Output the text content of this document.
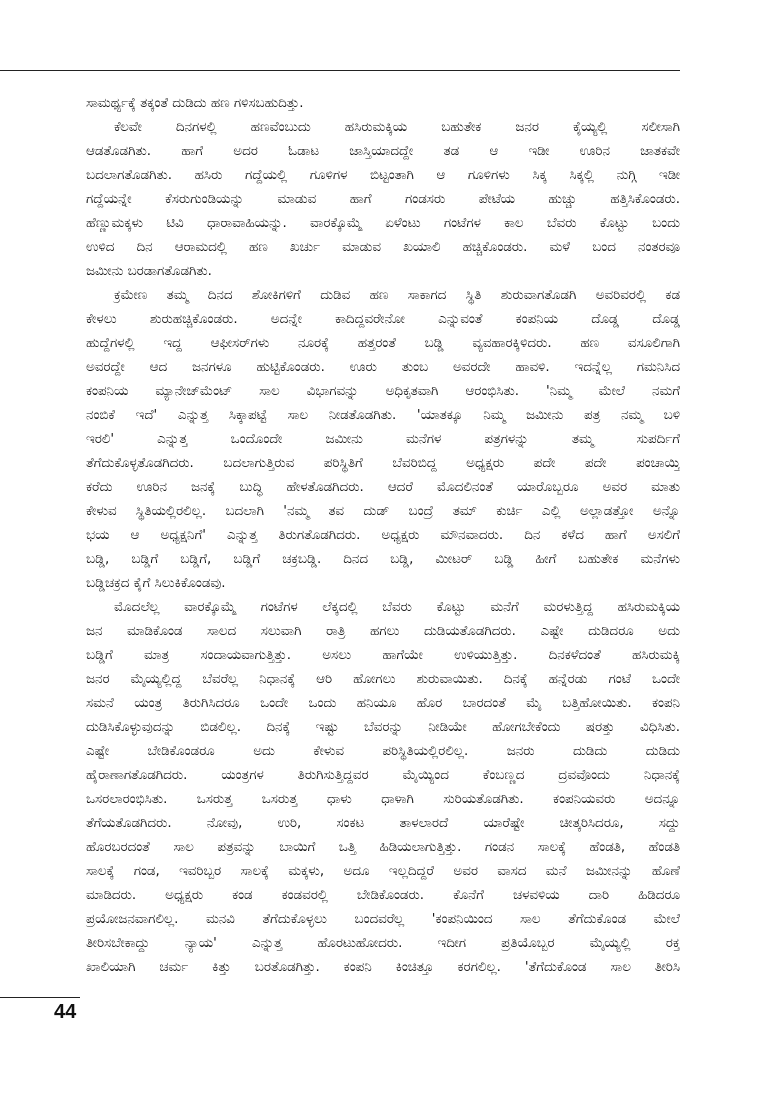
ಸಾಮರ್ಥ್ಯಕ್ಕೆ ತಕ್ಕಂತೆ ದುಡಿದು ಹಣ ಗಳಿಸಬಹುದಿತ್ತು.
ಕೆಲವೇ ದಿನಗಳಲ್ಲಿ ಹಣವೆಂಬುದು ಹಸಿರುಮಕ್ಕಿಯ ಬಹುತೇಕ ಜನರ ಕೈಯ್ಯಲ್ಲಿ ಸಲೀಸಾಗಿ
ಆಡತೊಡಗಿತು. ಹಾಗೆ ಅದರ ಓಡಾಟ ಜಾಸ್ತಿಯಾದದ್ದೇ ತಡ ಆ ಇಡೀ ಊರಿನ ಜಾತಕವೇ
ಬದಲಾಗತೊಡಗಿತು. ಹಸಿರು ಗದ್ದೆಯಲ್ಲಿ ಗೂಳಿಗಳ ಬಿಟ್ಟಂತಾಗಿ ಆ ಗೂಳಿಗಳು ಸಿಕ್ಕ ಸಿಕ್ಕಲ್ಲಿ ನುಗ್ಗಿ ಇಡೀ
ಗದ್ದೆಯನ್ನೇ ಕೆಸರುಗುಂಡಿಯನ್ನು ಮಾಡುವ ಹಾಗೆ ಗಂಡಸರು ಪೇಟೆಯ ಹುಚ್ಚು ಹತ್ತಿಸಿಕೊಂಡರು.
ಹೆಣ್ಣುಮಕ್ಕಳು ಟಿವಿ ಧಾರಾವಾಹಿಯನ್ನು. ವಾರಕ್ಕೊಮ್ಮೆ ಏಳೆಂಟು ಗಂಟೆಗಳ ಕಾಲ ಬೆವರು ಕೊಟ್ಟು ಬಂದು
ಉಳಿದ ದಿನ ಆರಾಮದಲ್ಲಿ ಹಣ ಖರ್ಚು ಮಾಡುವ ಖಯಾಲಿ ಹಚ್ಚಿಕೊಂಡರು. ಮಳೆ ಬಂದ ನಂತರವೂ
ಜಮೀನು ಬರಡಾಗತೊಡಗಿತು.
ಕ್ರಮೇಣ ತಮ್ಮ ದಿನದ ಶೋಕಿಗಳಿಗೆ ದುಡಿವ ಹಣ ಸಾಕಾಗದ ಸ್ಥಿತಿ ಶುರುವಾಗತೊಡಗಿ ಅವರಿವರಲ್ಲಿ ಕಡ
ಕೇಳಲು ಶುರುಹಚ್ಚಿಕೊಂಡರು. ಅದನ್ನೇ ಕಾದಿದ್ದವರೇನೋ ಎನ್ನುವಂತೆ ಕಂಪನಿಯ ದೊಡ್ಡ ದೊಡ್ಡ
ಹುದ್ದೆಗಳಲ್ಲಿ ಇದ್ದ ಆಫೀಸರ್‌ಗಳು ನೂರಕ್ಕೆ ಹತ್ತರಂತೆ ಬಡ್ಡಿ ವ್ಯವಹಾರಕ್ಕಿಳಿದರು. ಹಣ ವಸೂಲಿಗಾಗಿ
ಅವರದ್ದೇ ಆದ ಜನಗಳೂ ಹುಟ್ಟಿಕೊಂಡರು. ಊರು ತುಂಬ ಅವರದೇ ಹಾವಳಿ. ಇದನ್ನೆಲ್ಲ ಗಮನಿಸಿದ
ಕಂಪನಿಯ ಮ್ಯಾನೇಜ್‌ಮೆಂಟ್ ಸಾಲ ವಿಭಾಗವನ್ನು ಅಧಿಕೃತವಾಗಿ ಆರಂಭಿಸಿತು. 'ನಿಮ್ಮ ಮೇಲೆ ನಮಗೆ
ನಂಬಿಕೆ ಇದೆ' ಎನ್ನುತ್ತ ಸಿಕ್ಕಾಪಟ್ಟೆ ಸಾಲ ನೀಡತೊಡಗಿತು. 'ಯಾತಕ್ಕೂ ನಿಮ್ಮ ಜಮೀನು ಪತ್ರ ನಮ್ಮ ಬಳಿ
ಇರಲಿ' ಎನ್ನುತ್ತ ಒಂದೊಂದೇ ಜಮೀನು ಮನೆಗಳ ಪತ್ರಗಳನ್ನು ತಮ್ಮ ಸುಪರ್ದಿಗೆ
ತೆಗೆದುಕೊಳ್ಳತೊಡಗಿದರು. ಬದಲಾಗುತ್ತಿರುವ ಪರಿಸ್ಥಿತಿಗೆ ಬೆವರಿಬಿದ್ದ ಅಧ್ಯಕ್ಷರು ಪದೇ ಪದೇ ಪಂಚಾಯ್ತಿ
ಕರೆದು ಊರಿನ ಜನಕ್ಕೆ ಬುದ್ಧಿ ಹೇಳತೊಡಗಿದರು. ಆದರೆ ಮೊದಲಿನಂತೆ ಯಾರೊಬ್ಬರೂ ಅವರ ಮಾತು
ಕೇಳುವ ಸ್ಥಿತಿಯಲ್ಲಿರಲಿಲ್ಲ. ಬದಲಾಗಿ 'ನಮ್ಮ ತವ ದುಡ್ ಬಂದ್ರೆ ತಮ್ ಕುರ್ಚಿ ಎಲ್ಲಿ ಅಲ್ಲಾಡತ್ತೋ ಅನ್ನೊ
ಭಯ ಆ ಅಧ್ಯಕ್ಷನಿಗೆ' ಎನ್ನುತ್ತ ತಿರುಗತೊಡಗಿದರು. ಅಧ್ಯಕ್ಷರು ಮೌನವಾದರು. ದಿನ ಕಳೆದ ಹಾಗೆ ಅಸಲಿಗೆ
ಬಡ್ಡಿ, ಬಡ್ಡಿಗೆ ಬಡ್ಡಿಗೆ, ಬಡ್ಡಿಗೆ ಚಕ್ರಬಡ್ಡಿ. ದಿನದ ಬಡ್ಡಿ, ಮೀಟರ್ ಬಡ್ಡಿ ಹೀಗೆ ಬಹುತೇಕ ಮನೆಗಳು
ಬಡ್ಡಿಚಕ್ರದ ಕೈಗೆ ಸಿಲುಕಿಕೊಂಡವು.
ಮೊದಲೆಲ್ಲ ವಾರಕ್ಕೊಮ್ಮೆ ಗಂಟೆಗಳ ಲೆಕ್ಕದಲ್ಲಿ ಬೆವರು ಕೊಟ್ಟು ಮನೆಗೆ ಮರಳುತ್ತಿದ್ದ ಹಸಿರುಮಕ್ಕಿಯ
ಜನ ಮಾಡಿಕೊಂಡ ಸಾಲದ ಸಲುವಾಗಿ ರಾತ್ರಿ ಹಗಲು ದುಡಿಯತೊಡಗಿದರು. ಎಷ್ಟೇ ದುಡಿದರೂ ಅದು
ಬಡ್ಡಿಗೆ ಮಾತ್ರ ಸಂದಾಯವಾಗುತ್ತಿತ್ತು. ಅಸಲು ಹಾಗೆಯೇ ಉಳಿಯುತ್ತಿತ್ತು. ದಿನಕಳೆದಂತೆ ಹಸಿರುಮಕ್ಕಿ
ಜನರ ಮೈಯ್ಯಲ್ಲಿದ್ದ ಬೆವರೆಲ್ಲ ನಿಧಾನಕ್ಕೆ ಆರಿ ಹೋಗಲು ಶುರುವಾಯಿತು. ದಿನಕ್ಕೆ ಹನ್ನೆರಡು ಗಂಟೆ ಒಂದೇ
ಸಮನೆ ಯಂತ್ರ ತಿರುಗಿಸಿದರೂ ಒಂದೇ ಒಂದು ಹನಿಯೂ ಹೊರ ಬಾರದಂತೆ ಮೈ ಬತ್ತಿಹೋಯಿತು. ಕಂಪನಿ
ದುಡಿಸಿಕೊಳ್ಳುವುದನ್ನು ಬಿಡಲಿಲ್ಲ. ದಿನಕ್ಕೆ ಇಷ್ಟು ಬೆವರನ್ನು ನೀಡಿಯೇ ಹೋಗಬೇಕೆಂದು ಷರತ್ತು ವಿಧಿಸಿತು.
ಎಷ್ಟೇ ಬೇಡಿಕೊಂಡರೂ ಅದು ಕೇಳುವ ಪರಿಸ್ಥಿತಿಯಲ್ಲಿರಲಿಲ್ಲ. ಜನರು ದುಡಿದು ದುಡಿದು
ಹೈರಾಣಾಗತೊಡಗಿದರು. ಯಂತ್ರಗಳ ತಿರುಗಿಸುತ್ತಿದ್ದವರ ಮೈಯ್ಯಿಂದ ಕೆಂಬಣ್ಣದ ದ್ರವವೊಂದು ನಿಧಾನಕ್ಕೆ
ಒಸರಲಾರಂಭಿಸಿತು. ಒಸರುತ್ತ ಒಸರುತ್ತ ಧಾಳು ಧಾಳಾಗಿ ಸುರಿಯತೊಡಗಿತು. ಕಂಪನಿಯವರು ಅದನ್ನೂ
ತೆಗೆಯತೊಡಗಿದರು. ನೋವು, ಉರಿ, ಸಂಕಟ ತಾಳಲಾರದೆ ಯಾರೆಷ್ಟೇ ಚೀತ್ಕರಿಸಿದರೂ, ಸದ್ದು
ಹೊರಬರದಂತೆ ಸಾಲ ಪತ್ರವನ್ನು ಬಾಯಿಗೆ ಒತ್ತಿ ಹಿಡಿಯಲಾಗುತ್ತಿತ್ತು. ಗಂಡನ ಸಾಲಕ್ಕೆ ಹೆಂಡತಿ, ಹೆಂಡತಿ
ಸಾಲಕ್ಕೆ ಗಂಡ, ಇವರಿಬ್ಬರ ಸಾಲಕ್ಕೆ ಮಕ್ಕಳು, ಅದೂ ಇಲ್ಲದಿದ್ದರೆ ಅವರ ವಾಸದ ಮನೆ ಜಮೀನನ್ನು ಹೊಣೆ
ಮಾಡಿದರು. ಅಧ್ಯಕ್ಷರು ಕಂಡ ಕಂಡವರಲ್ಲಿ ಬೇಡಿಕೊಂಡರು. ಕೊನೆಗೆ ಚಳವಳಿಯ ದಾರಿ ಹಿಡಿದರೂ
ಪ್ರಯೋಜನವಾಗಲಿಲ್ಲ. ಮನವಿ ತೆಗೆದುಕೊಳ್ಳಲು ಬಂದವರೆಲ್ಲ 'ಕಂಪನಿಯಿಂದ ಸಾಲ ತೆಗೆದುಕೊಂಡ ಮೇಲೆ
ತೀರಿಸಬೇಕಾದ್ದು ನ್ಯಾಯ' ಎನ್ನುತ್ತ ಹೊರಟುಹೋದರು. ಇದೀಗ ಪ್ರತಿಯೊಬ್ಬರ ಮೈಯ್ಯಲ್ಲಿ ರಕ್ತ
ಖಾಲಿಯಾಗಿ ಚರ್ಮ ಕಿತ್ತು ಬರತೊಡಗಿತ್ತು. ಕಂಪನಿ ಕಿಂಚಿತ್ತೂ ಕರಗಲಿಲ್ಲ. 'ತೆಗೆದುಕೊಂಡ ಸಾಲ ತೀರಿಸಿ
44
